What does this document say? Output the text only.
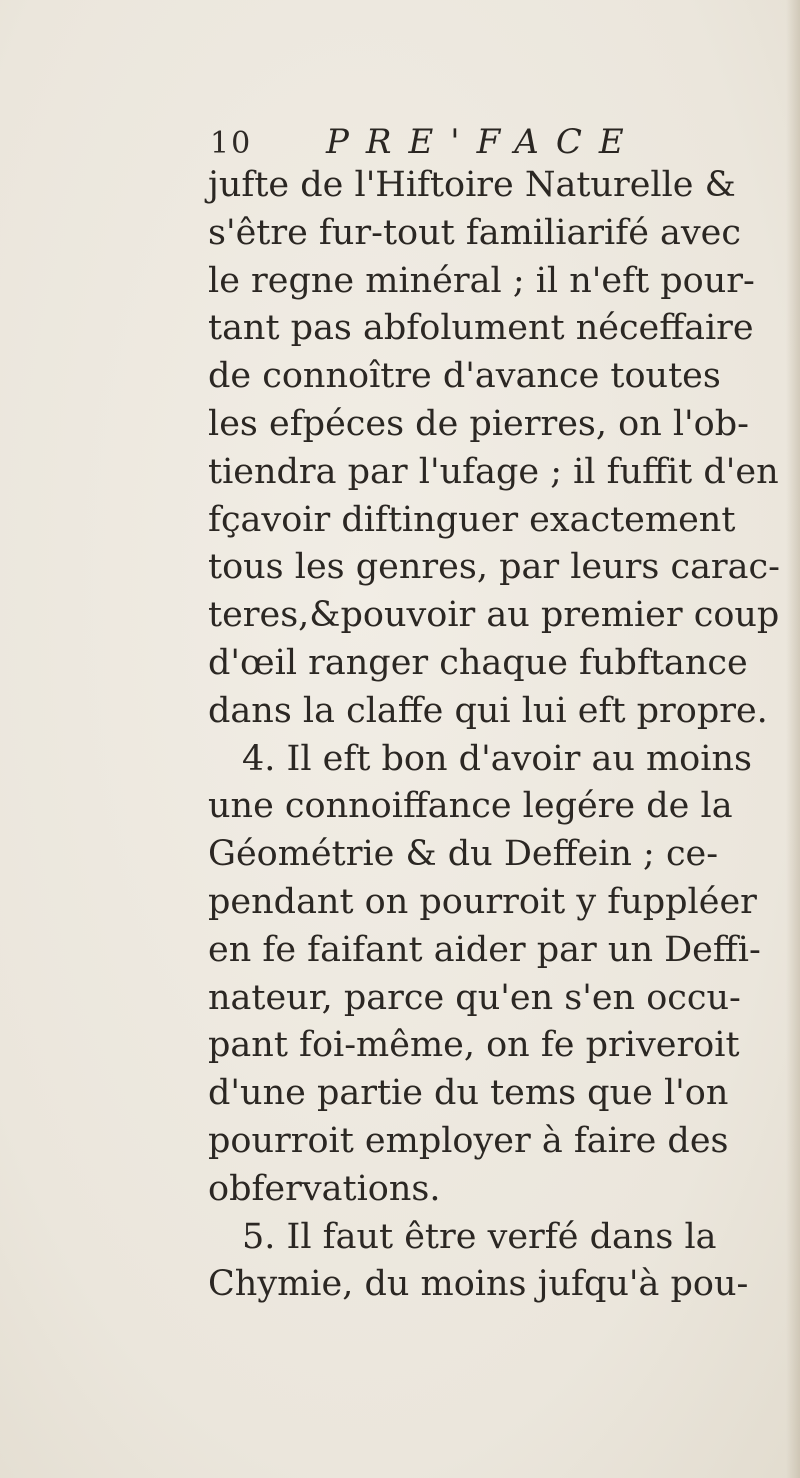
10 PRE'FACE
jufte de l'Hiftoire Naturelle &
s'être fur-tout familiarifé avec
le regne minéral ; il n'eft pour-
tant pas abfolument néceffaire
de connoître d'avance toutes
les efpéces de pierres, on l'ob-
tiendra par l'ufage ; il fuffit d'en
fçavoir diftinguer exactement
tous les genres, par leurs carac-
teres,&pouvoir au premier coup
d'œil ranger chaque fubftance
dans la claffe qui lui eft propre.
4. Il eft bon d'avoir au moins
une connoiffance legére de la
Géométrie & du Deffein ; ce-
pendant on pourroit y fuppléer
en fe faifant aider par un Deffi-
nateur, parce qu'en s'en occu-
pant foi-même, on fe priveroit
d'une partie du tems que l'on
pourroit employer à faire des
obfervations.
5. Il faut être verfé dans la
Chymie, du moins jufqu'à pou-
